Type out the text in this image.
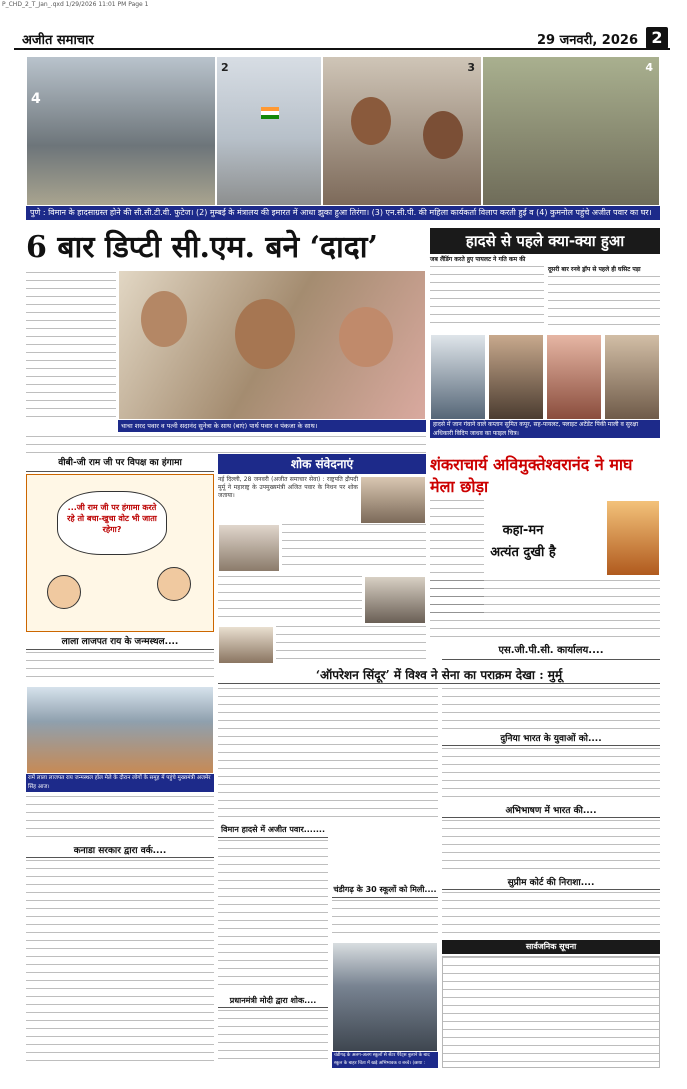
P_CHD_2_T_Jan_.qxd 1/29/2026 11:01 PM Page 1
अजीत समाचार	29 जनवरी, 2026 2
4
2	3	4
पुणे : विमान के हादसाग्रस्त होने की सी.सी.टी.वी. फुटेज। (2) मुम्बई के मंत्रालय की इमारत में आधा झुका हुआ तिरंगा। (3) एन.सी.पी. की महिला कार्यकर्ता विलाप करती हुई व (4) कुमनोल पहुंचे अजीत पवार का घर।
6 बार डिप्टी सी.एम. बने ‘दादा’
चाचा शरद पवार व पत्नी सदानंद सुनेत्रा के साथ (बाएं) पार्थ पवार व पंकजा के साथ।
हादसे से पहले क्या-क्या हुआ
जब लैंडिंग करते हुए पायलट ने गति कम की
दूसरी बार रनवे ड्रॉप से पहले ही घसिट पड़ा
हादसे में जान गंवाने वाले कप्तान सुमित कपूर, सह-पायलट, फ्लाइट अटेंडेंट पिंकी माली व सुरक्षा अधिकारी विदिप जाधव का फाइल चित्र।
वीबी-जी राम जी पर विपक्ष का हंगामा
...जी राम जी पर हंगामा करते रहे तो बचा-खुचा वोट भी जाता रहेगा?
शोक संवेदनाएं
नई दिल्ली, 28 जनवरी (अजीत समाचार सेवा) : राष्ट्रपति द्रौपदी मुर्मू ने महाराष्ट्र के उपमुख्यमंत्री अजित पवार के निधन पर शोक जताया।
शंकराचार्य अविमुक्तेश्वरानंद ने माघ मेला छोड़ा
कहा-मन अत्यंत दुखी है
लाला लाजपत राय के जन्मस्थल....
रामें लाला लाजपत राय जन्मस्थल हॉल मेले के दौरान लोगों के समूह में पहुंचे मुख्यमंत्री अजमेर सिंह आज।
‘ऑपरेशन सिंदूर’ में विश्व ने सेना का पराक्रम देखा : मुर्मू
एस.जी.पी.सी. कार्यालय....
दुनिया भारत के युवाओं को....
अभिभाषण में भारत की....
सुप्रीम कोर्ट की निराशा....
सार्वजनिक सूचना
कनाडा सरकार द्वारा वर्क....
विमान हादसे में अजीत पवार.......
प्रधानमंत्री मोदी द्वारा शोक....
चंडीगढ़ के 30 स्कूलों को मिली....
चंडीगढ़ के अलग-अलग स्कूलों से सेंटर पैरेंट्स बुलाने के बाद स्कूल के बाहर चिंता में खड़े अभिभावक व बच्चे। (छाया : सुप्रीत सिंह)
